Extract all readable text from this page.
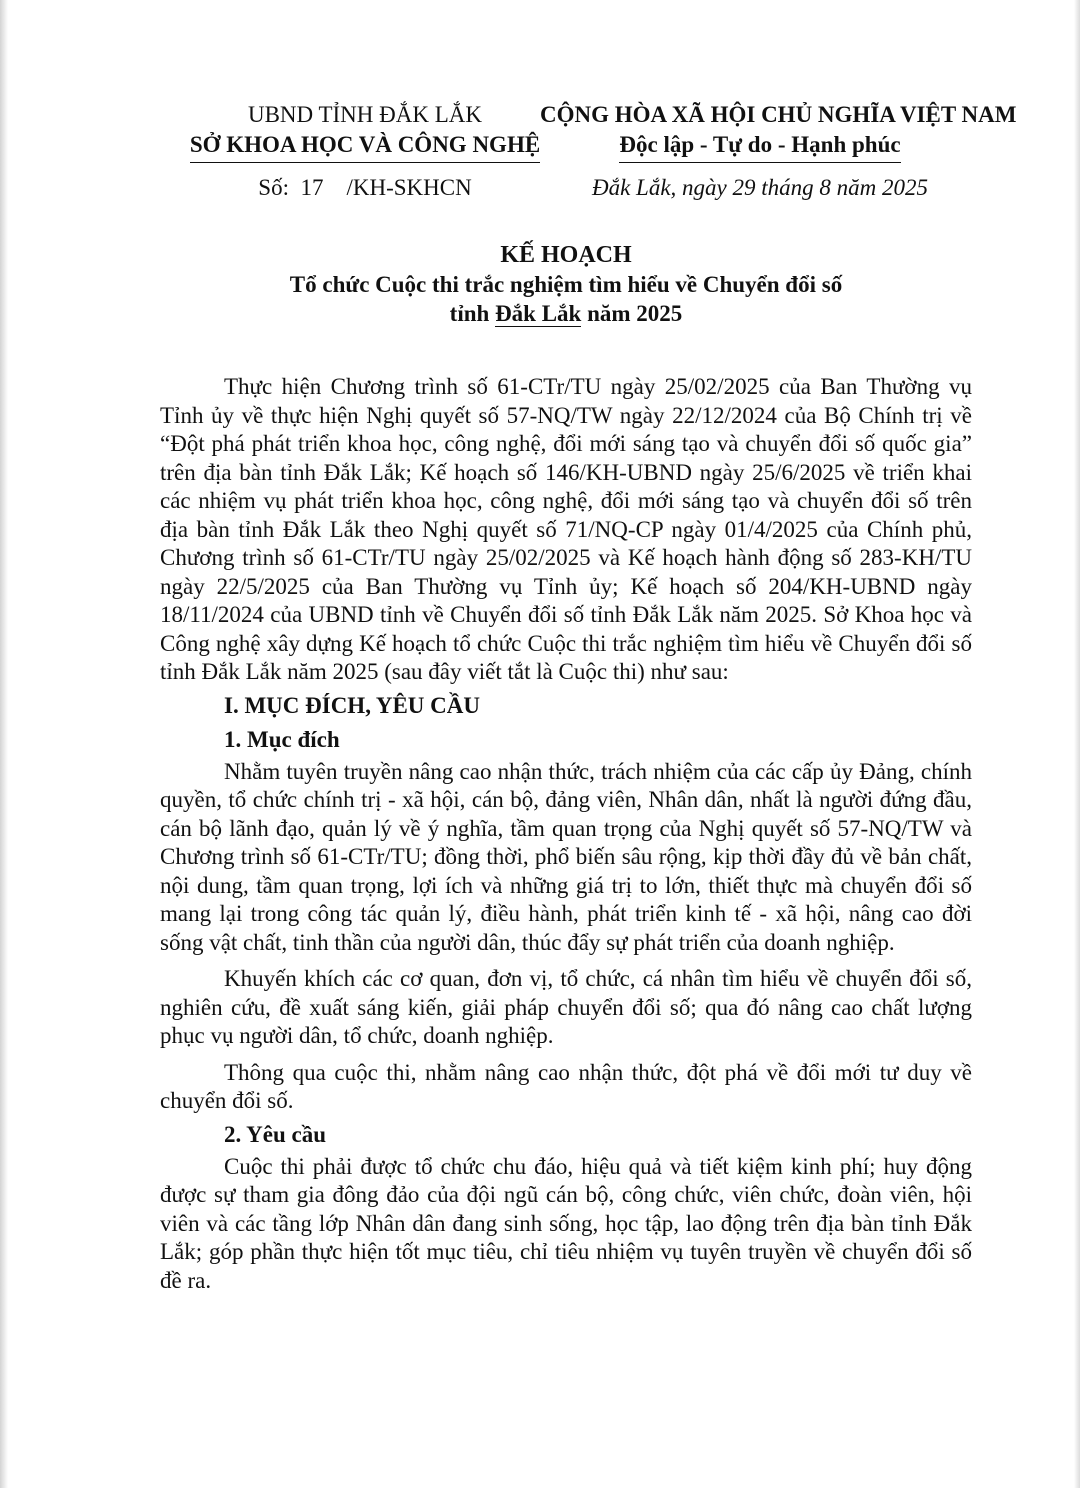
UBND TỈNH ĐẮK LẮK
SỞ KHOA HỌC VÀ CÔNG NGHỆ
Số:  17    /KH-SKHCN
CỘNG HÒA XÃ HỘI CHỦ NGHĨA VIỆT NAM
Độc lập - Tự do - Hạnh phúc
Đắk Lắk, ngày 29 tháng 8 năm 2025
KẾ HOẠCH
Tổ chức Cuộc thi trắc nghiệm tìm hiểu về Chuyển đổi số
tỉnh Đắk Lắk năm 2025

Thực hiện Chương trình số 61-CTr/TU ngày 25/02/2025 của Ban Thường vụ Tỉnh ủy về thực hiện Nghị quyết số 57-NQ/TW ngày 22/12/2024 của Bộ Chính trị về “Đột phá phát triển khoa học, công nghệ, đổi mới sáng tạo và chuyển đổi số quốc gia” trên địa bàn tỉnh Đắk Lắk; Kế hoạch số 146/KH-UBND ngày 25/6/2025 về triển khai các nhiệm vụ phát triển khoa học, công nghệ, đổi mới sáng tạo và chuyển đổi số trên địa bàn tỉnh Đắk Lắk theo Nghị quyết số 71/NQ-CP ngày 01/4/2025 của Chính phủ, Chương trình số 61-CTr/TU ngày 25/02/2025 và Kế hoạch hành động số 283-KH/TU ngày 22/5/2025 của Ban Thường vụ Tỉnh ủy; Kế hoạch số 204/KH-UBND ngày 18/11/2024 của UBND tỉnh về Chuyển đổi số tỉnh Đắk Lắk năm 2025. Sở Khoa học và Công nghệ xây dựng Kế hoạch tổ chức Cuộc thi trắc nghiệm tìm hiểu về Chuyển đổi số tỉnh Đắk Lắk năm 2025 (sau đây viết tắt là Cuộc thi) như sau:

I. MỤC ĐÍCH, YÊU CẦU
1. Mục đích

Nhằm tuyên truyền nâng cao nhận thức, trách nhiệm của các cấp ủy Đảng, chính quyền, tổ chức chính trị - xã hội, cán bộ, đảng viên, Nhân dân, nhất là người đứng đầu, cán bộ lãnh đạo, quản lý về ý nghĩa, tầm quan trọng của Nghị quyết số 57-NQ/TW và Chương trình số 61-CTr/TU; đồng thời, phổ biến sâu rộng, kịp thời đầy đủ về bản chất, nội dung, tầm quan trọng, lợi ích và những giá trị to lớn, thiết thực mà chuyển đổi số mang lại trong công tác quản lý, điều hành, phát triển kinh tế - xã hội, nâng cao đời sống vật chất, tinh thần của người dân, thúc đẩy sự phát triển của doanh nghiệp.

Khuyến khích các cơ quan, đơn vị, tổ chức, cá nhân tìm hiểu về chuyển đổi số, nghiên cứu, đề xuất sáng kiến, giải pháp chuyển đổi số; qua đó nâng cao chất lượng phục vụ người dân, tổ chức, doanh nghiệp.

Thông qua cuộc thi, nhằm nâng cao nhận thức, đột phá về đổi mới tư duy về chuyển đổi số.

2. Yêu cầu

Cuộc thi phải được tổ chức chu đáo, hiệu quả và tiết kiệm kinh phí; huy động được sự tham gia đông đảo của đội ngũ cán bộ, công chức, viên chức, đoàn viên, hội viên và các tầng lớp Nhân dân đang sinh sống, học tập, lao động trên địa bàn tỉnh Đắk Lắk; góp phần thực hiện tốt mục tiêu, chỉ tiêu nhiệm vụ tuyên truyền về chuyển đổi số đề ra.
